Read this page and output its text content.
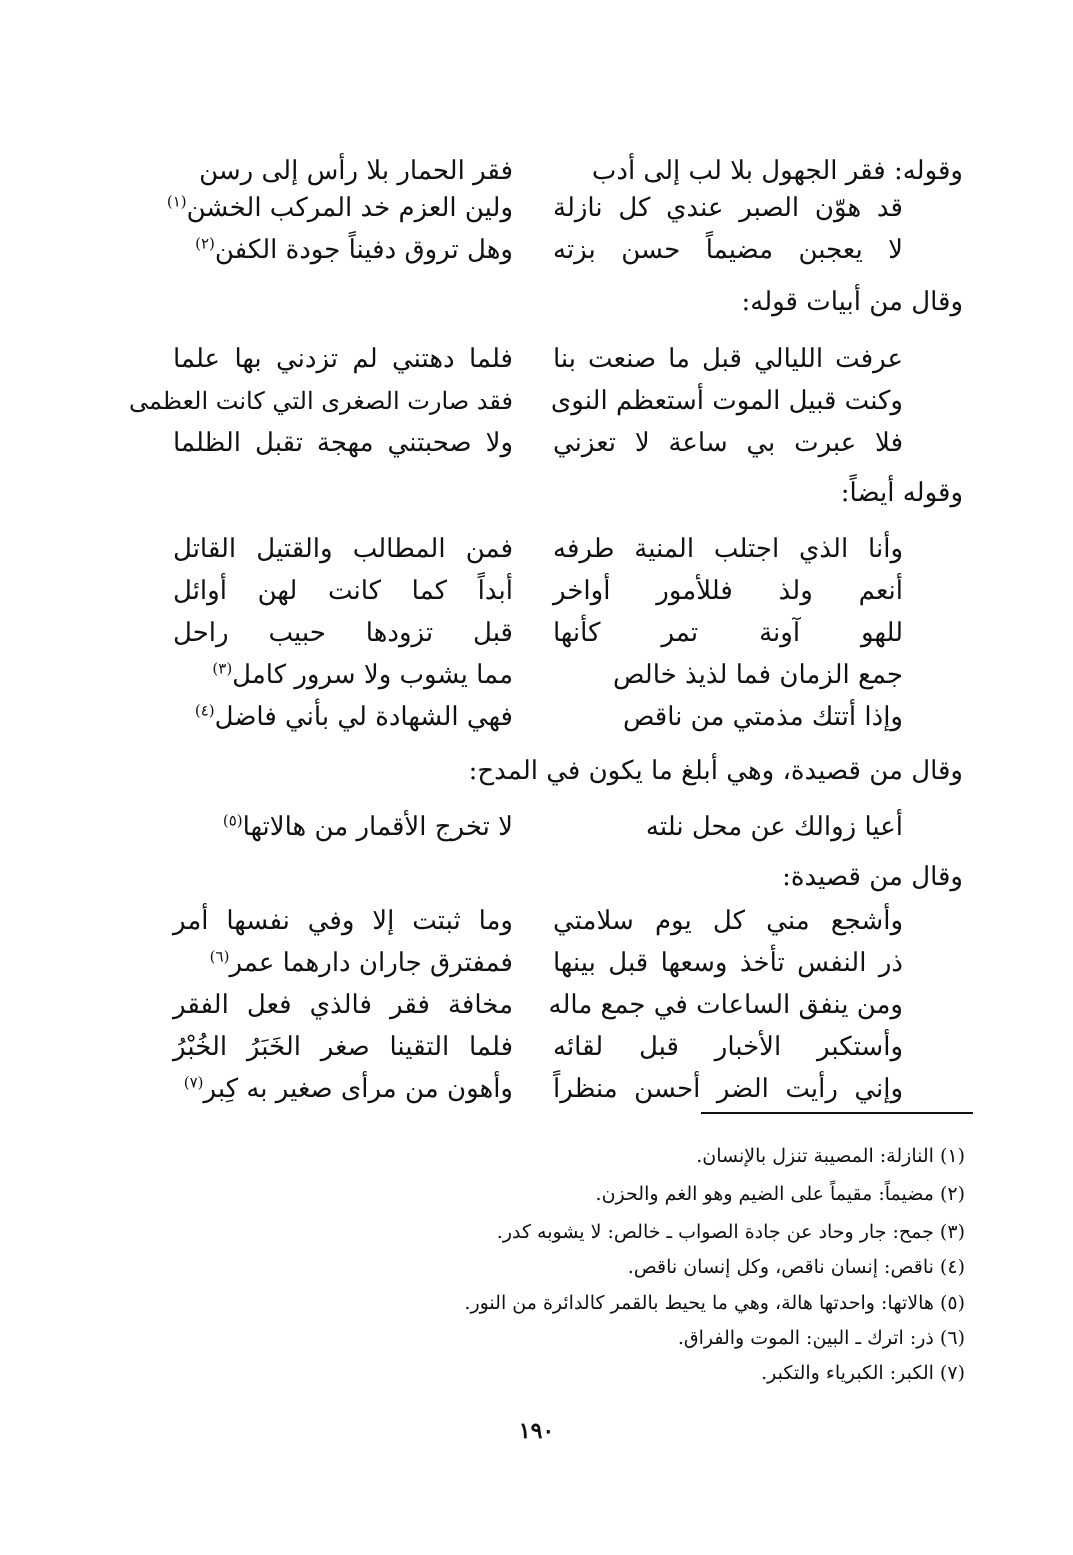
وقوله: فقر الجهول بلا لب إلى أدب
فقر الحمار بلا رأس إلى رسن
قد هوّن الصبر عندي كل نازلة
ولين العزم خد المركب الخشن$^{(١)}$
لا يعجبن مضيماً حسن بزته
وهل تروق دفيناً جودة الكفن$^{(٢)}$
وقال من أبيات قوله:
عرفت الليالي قبل ما صنعت بنا
فلما دهتني لم تزدني بها علما
وكنت قبيل الموت أستعظم النوى
فقد صارت الصغرى التي كانت العظمى
فلا عبرت بي ساعة لا تعزني
ولا صحبتني مهجة تقبل الظلما
وقوله أيضاً:
وأنا الذي اجتلب المنية طرفه
فمن المطالب والقتيل القاتل
أنعم ولذ فللأمور أواخر
أبداً كما كانت لهن أوائل
للهو آونة تمر كأنها
قبل تزودها حبيب راحل
وقال من قصيدة، وهي أبلغ ما يكون في المدح:
أعيا زوالك عن محل نلته
لا تخرج الأقمار من هالاتها$^{(٥)}$
وقال من قصيدة:
وأشجع مني كل يوم سلامتي
وما ثبتت إلا وفي نفسها أمر
ذر النفس تأخذ وسعها قبل بينها
فمفترق جاران دارهما عمر$^{(٦)}$
ومن ينفق الساعات في جمع ماله
مخافة فقر فالذي فعل الفقر
وأستكبر الأخبار قبل لقائه
فلما التقينا صغر الخَبَرُ الخُبْرُ
وإني رأيت الضر أحسن منظراً
وأهون من مرأى صغير به كِبر$^{(٧)}$
(١) النازلة: المصيبة تنزل بالإنسان.
(٢) مضيماً: مقيماً على الضيم وهو الغم والحزن.
(٣) جمح: جار وحاد عن جادة الصواب ـ خالص: لا يشوبه كدر.
(٤) ناقص: إنسان ناقص، وكل إنسان ناقص.
(٥) هالاتها: واحدتها هالة، وهي ما يحيط بالقمر كالدائرة من النور.
(٦) ذر: اترك ـ البين: الموت والفراق.
(٧) الكبر: الكبرياء والتكبر.
١٩٠
جمع الزمان فما لذيذ خالص
مما يشوب ولا سرور كامل$^{(٣)}$
وإذا أتتك مذمتي من ناقص
فهي الشهادة لي بأني فاضل$^{(٤)}$
